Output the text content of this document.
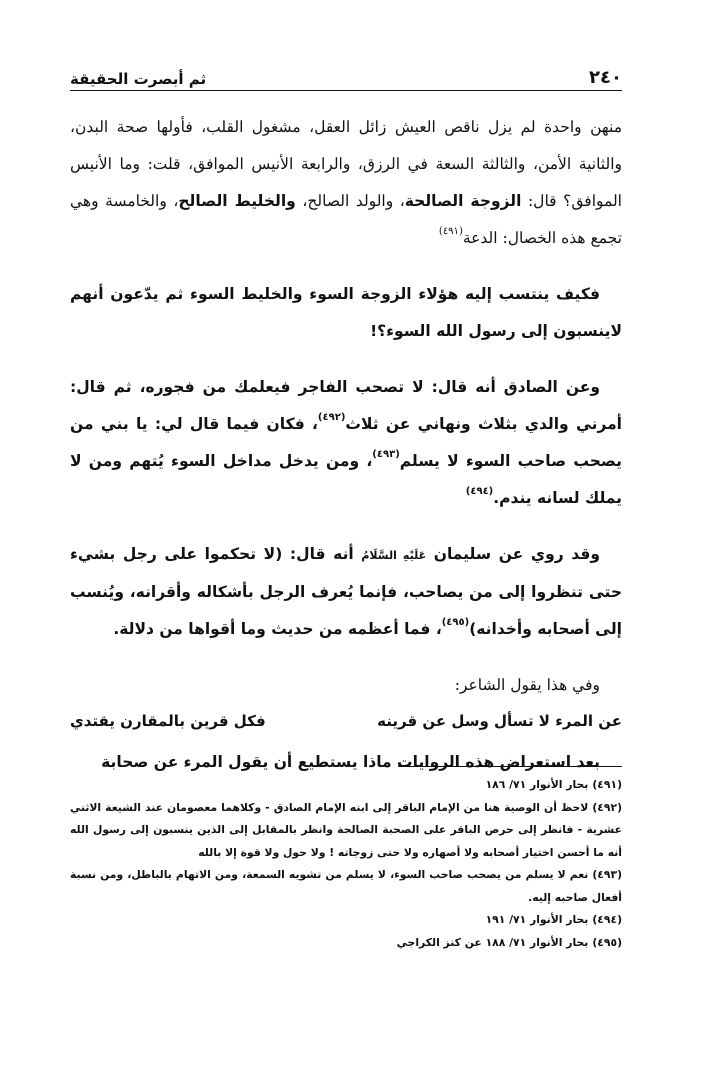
٢٤٠
ثم أبصرت الحقيقة

منهن واحدة لم يزل ناقص العيش زائل العقل، مشغول القلب، فأولها صحة البدن، والثانية الأمن، والثالثة السعة في الرزق، والرابعة الأنيس الموافق، قلت: وما الأنيس الموافق؟ قال: الزوجة الصالحة، والولد الصالح، والخليط الصالح، والخامسة وهي تجمع هذه الخصال: الدعة$^{(٤٩١)}$

فكيف ينتسب إليه هؤلاء الزوجة السوء والخليط السوء ثم يدّعون أنهم لاينسبون إلى رسول الله السوء؟!

وعن الصادق أنه قال: لا تصحب الفاجر فيعلمك من فجوره، ثم قال: أمرني والدي بثلاث ونهاني عن ثلاث$^{(٤٩٢)}$، فكان فيما قال لي: يا بني من يصحب صاحب السوء لا يسلم$^{(٤٩٣)}$، ومن يدخل مداخل السوء يُتهم ومن لا يملك لسانه يندم.$^{(٤٩٤)}$

وقد روي عن سليمان عَلَيْهِ السَّلَامُ أنه قال: (لا تحكموا على رجل بشيء حتى تنظروا إلى من يصاحب، فإنما يُعرف الرجل بأشكاله وأقرانه، ويُنسب إلى أصحابه وأخدانه)$^{(٤٩٥)}$، فما أعظمه من حديث وما أقواها من دلالة.

وفي هذا يقول الشاعر:

عن المرء لا تسأل وسل عن قرينه
فكل قرين بالمقارن يقتدي

بعد استعراض هذه الروايات ماذا يستطيع أن يقول المرء عن صحابة

(٤٩١)بحار الأنوار ٧١/ ١٨٦
(٤٩٢)لاحظ أن الوصية هنا من الإمام الباقر إلى ابنه الإمام الصادق - وكلاهما معصومان عند الشيعة الاثني عشرية - فانظر إلى حرص الباقر على الصحبة الصالحة وانظر بالمقابل إلى الذين ينسبون إلى رسول الله أنه ما أحسن اختيار أصحابه ولا أصهاره ولا حتى زوجاته ! ولا حول ولا قوة إلا بالله
(٤٩٣)نعم لا يسلم من يصحب صاحب السوء، لا يسلم من تشويه السمعة، ومن الاتهام بالباطل، ومن نسبة أفعال صاحبه إليه.
(٤٩٤)بحار الأنوار ٧١/ ١٩١
(٤٩٥)بحار الأنوار ٧١/ ١٨٨ عن كنز الكراجي
